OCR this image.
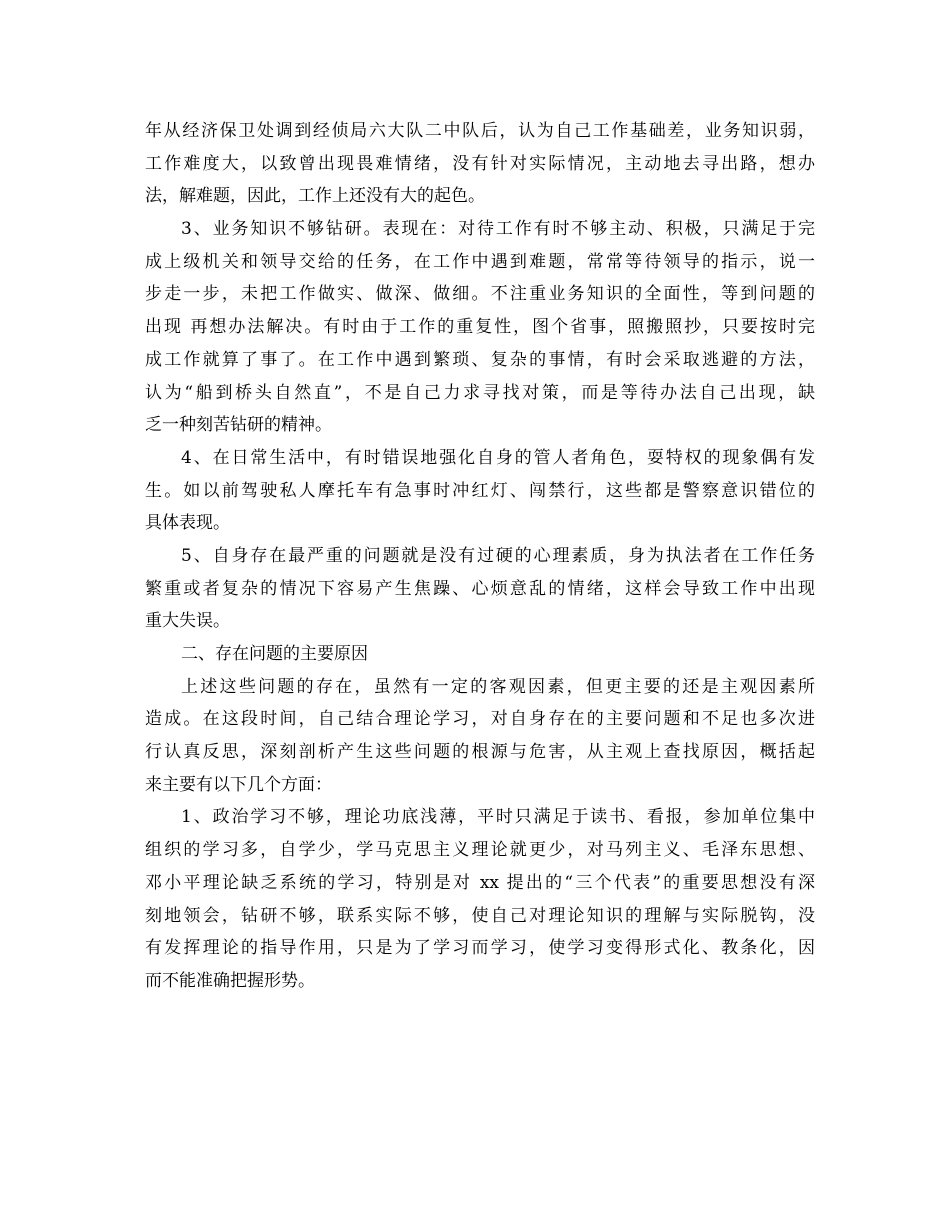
年从经济保卫处调到经侦局六大队二中队后，认为自己工作基础差，业务知识弱，
工作难度大，以致曾出现畏难情绪，没有针对实际情况，主动地去寻出路，想办
法，解难题，因此，工作上还没有大的起色。
3、业务知识不够钻研。表现在：对待工作有时不够主动、积极，只满足于完
成上级机关和领导交给的任务，在工作中遇到难题，常常等待领导的指示，说一
步走一步，未把工作做实、做深、做细。不注重业务知识的全面性，等到问题的
出现 再想办法解决。有时由于工作的重复性，图个省事，照搬照抄，只要按时完
成工作就算了事了。在工作中遇到繁琐、复杂的事情，有时会采取逃避的方法，
认为“船到桥头自然直”，不是自己力求寻找对策，而是等待办法自己出现，缺
乏一种刻苦钻研的精神。
4、在日常生活中，有时错误地强化自身的管人者角色，耍特权的现象偶有发
生。如以前驾驶私人摩托车有急事时冲红灯、闯禁行，这些都是警察意识错位的
具体表现。
5、自身存在最严重的问题就是没有过硬的心理素质，身为执法者在工作任务
繁重或者复杂的情况下容易产生焦躁、心烦意乱的情绪，这样会导致工作中出现
重大失误。
二、存在问题的主要原因
上述这些问题的存在，虽然有一定的客观因素，但更主要的还是主观因素所
造成。在这段时间，自己结合理论学习，对自身存在的主要问题和不足也多次进
行认真反思，深刻剖析产生这些问题的根源与危害，从主观上查找原因，概括起
来主要有以下几个方面：
1、政治学习不够，理论功底浅薄，平时只满足于读书、看报，参加单位集中
组织的学习多，自学少，学马克思主义理论就更少，对马列主义、毛泽东思想、
邓小平理论缺乏系统的学习，特别是对 xx 提出的“三个代表”的重要思想没有深
刻地领会，钻研不够，联系实际不够，使自己对理论知识的理解与实际脱钩，没
有发挥理论的指导作用，只是为了学习而学习，使学习变得形式化、教条化，因
而不能准确把握形势。
